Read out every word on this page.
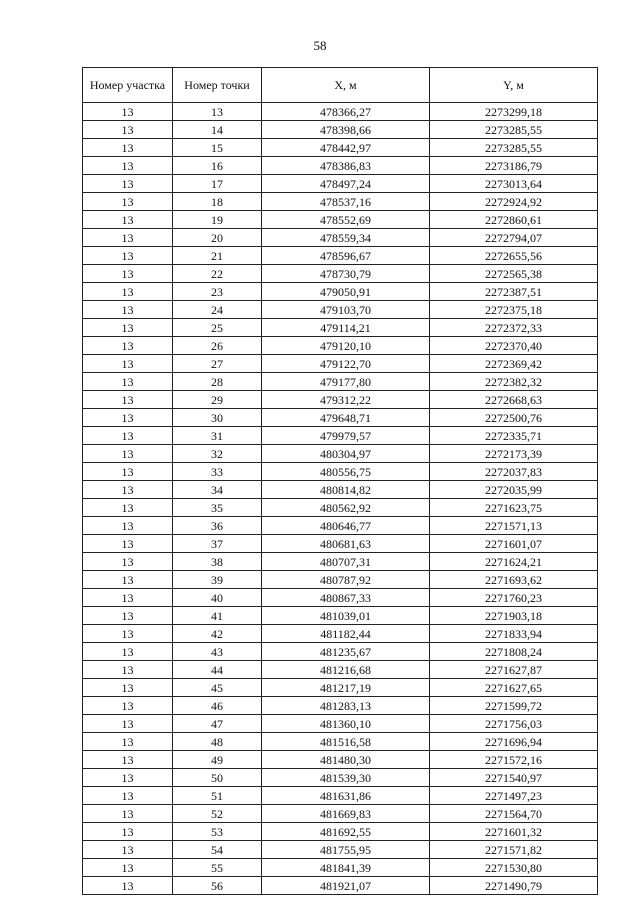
58
Номер участка	Номер точки	X, м	Y, м
13	13	478366,27	2273299,18
13	14	478398,66	2273285,55
13	15	478442,97	2273285,55
13	16	478386,83	2273186,79
13	17	478497,24	2273013,64
13	18	478537,16	2272924,92
13	19	478552,69	2272860,61
13	20	478559,34	2272794,07
13	21	478596,67	2272655,56
13	22	478730,79	2272565,38
13	23	479050,91	2272387,51
13	24	479103,70	2272375,18
13	25	479114,21	2272372,33
13	26	479120,10	2272370,40
13	27	479122,70	2272369,42
13	28	479177,80	2272382,32
13	29	479312,22	2272668,63
13	30	479648,71	2272500,76
13	31	479979,57	2272335,71
13	32	480304,97	2272173,39
13	33	480556,75	2272037,83
13	34	480814,82	2272035,99
13	35	480562,92	2271623,75
13	36	480646,77	2271571,13
13	37	480681,63	2271601,07
13	38	480707,31	2271624,21
13	39	480787,92	2271693,62
13	40	480867,33	2271760,23
13	41	481039,01	2271903,18
13	42	481182,44	2271833,94
13	43	481235,67	2271808,24
13	44	481216,68	2271627,87
13	45	481217,19	2271627,65
13	46	481283,13	2271599,72
13	47	481360,10	2271756,03
13	48	481516,58	2271696,94
13	49	481480,30	2271572,16
13	50	481539,30	2271540,97
13	51	481631,86	2271497,23
13	52	481669,83	2271564,70
13	53	481692,55	2271601,32
13	54	481755,95	2271571,82
13	55	481841,39	2271530,80
13	56	481921,07	2271490,79
